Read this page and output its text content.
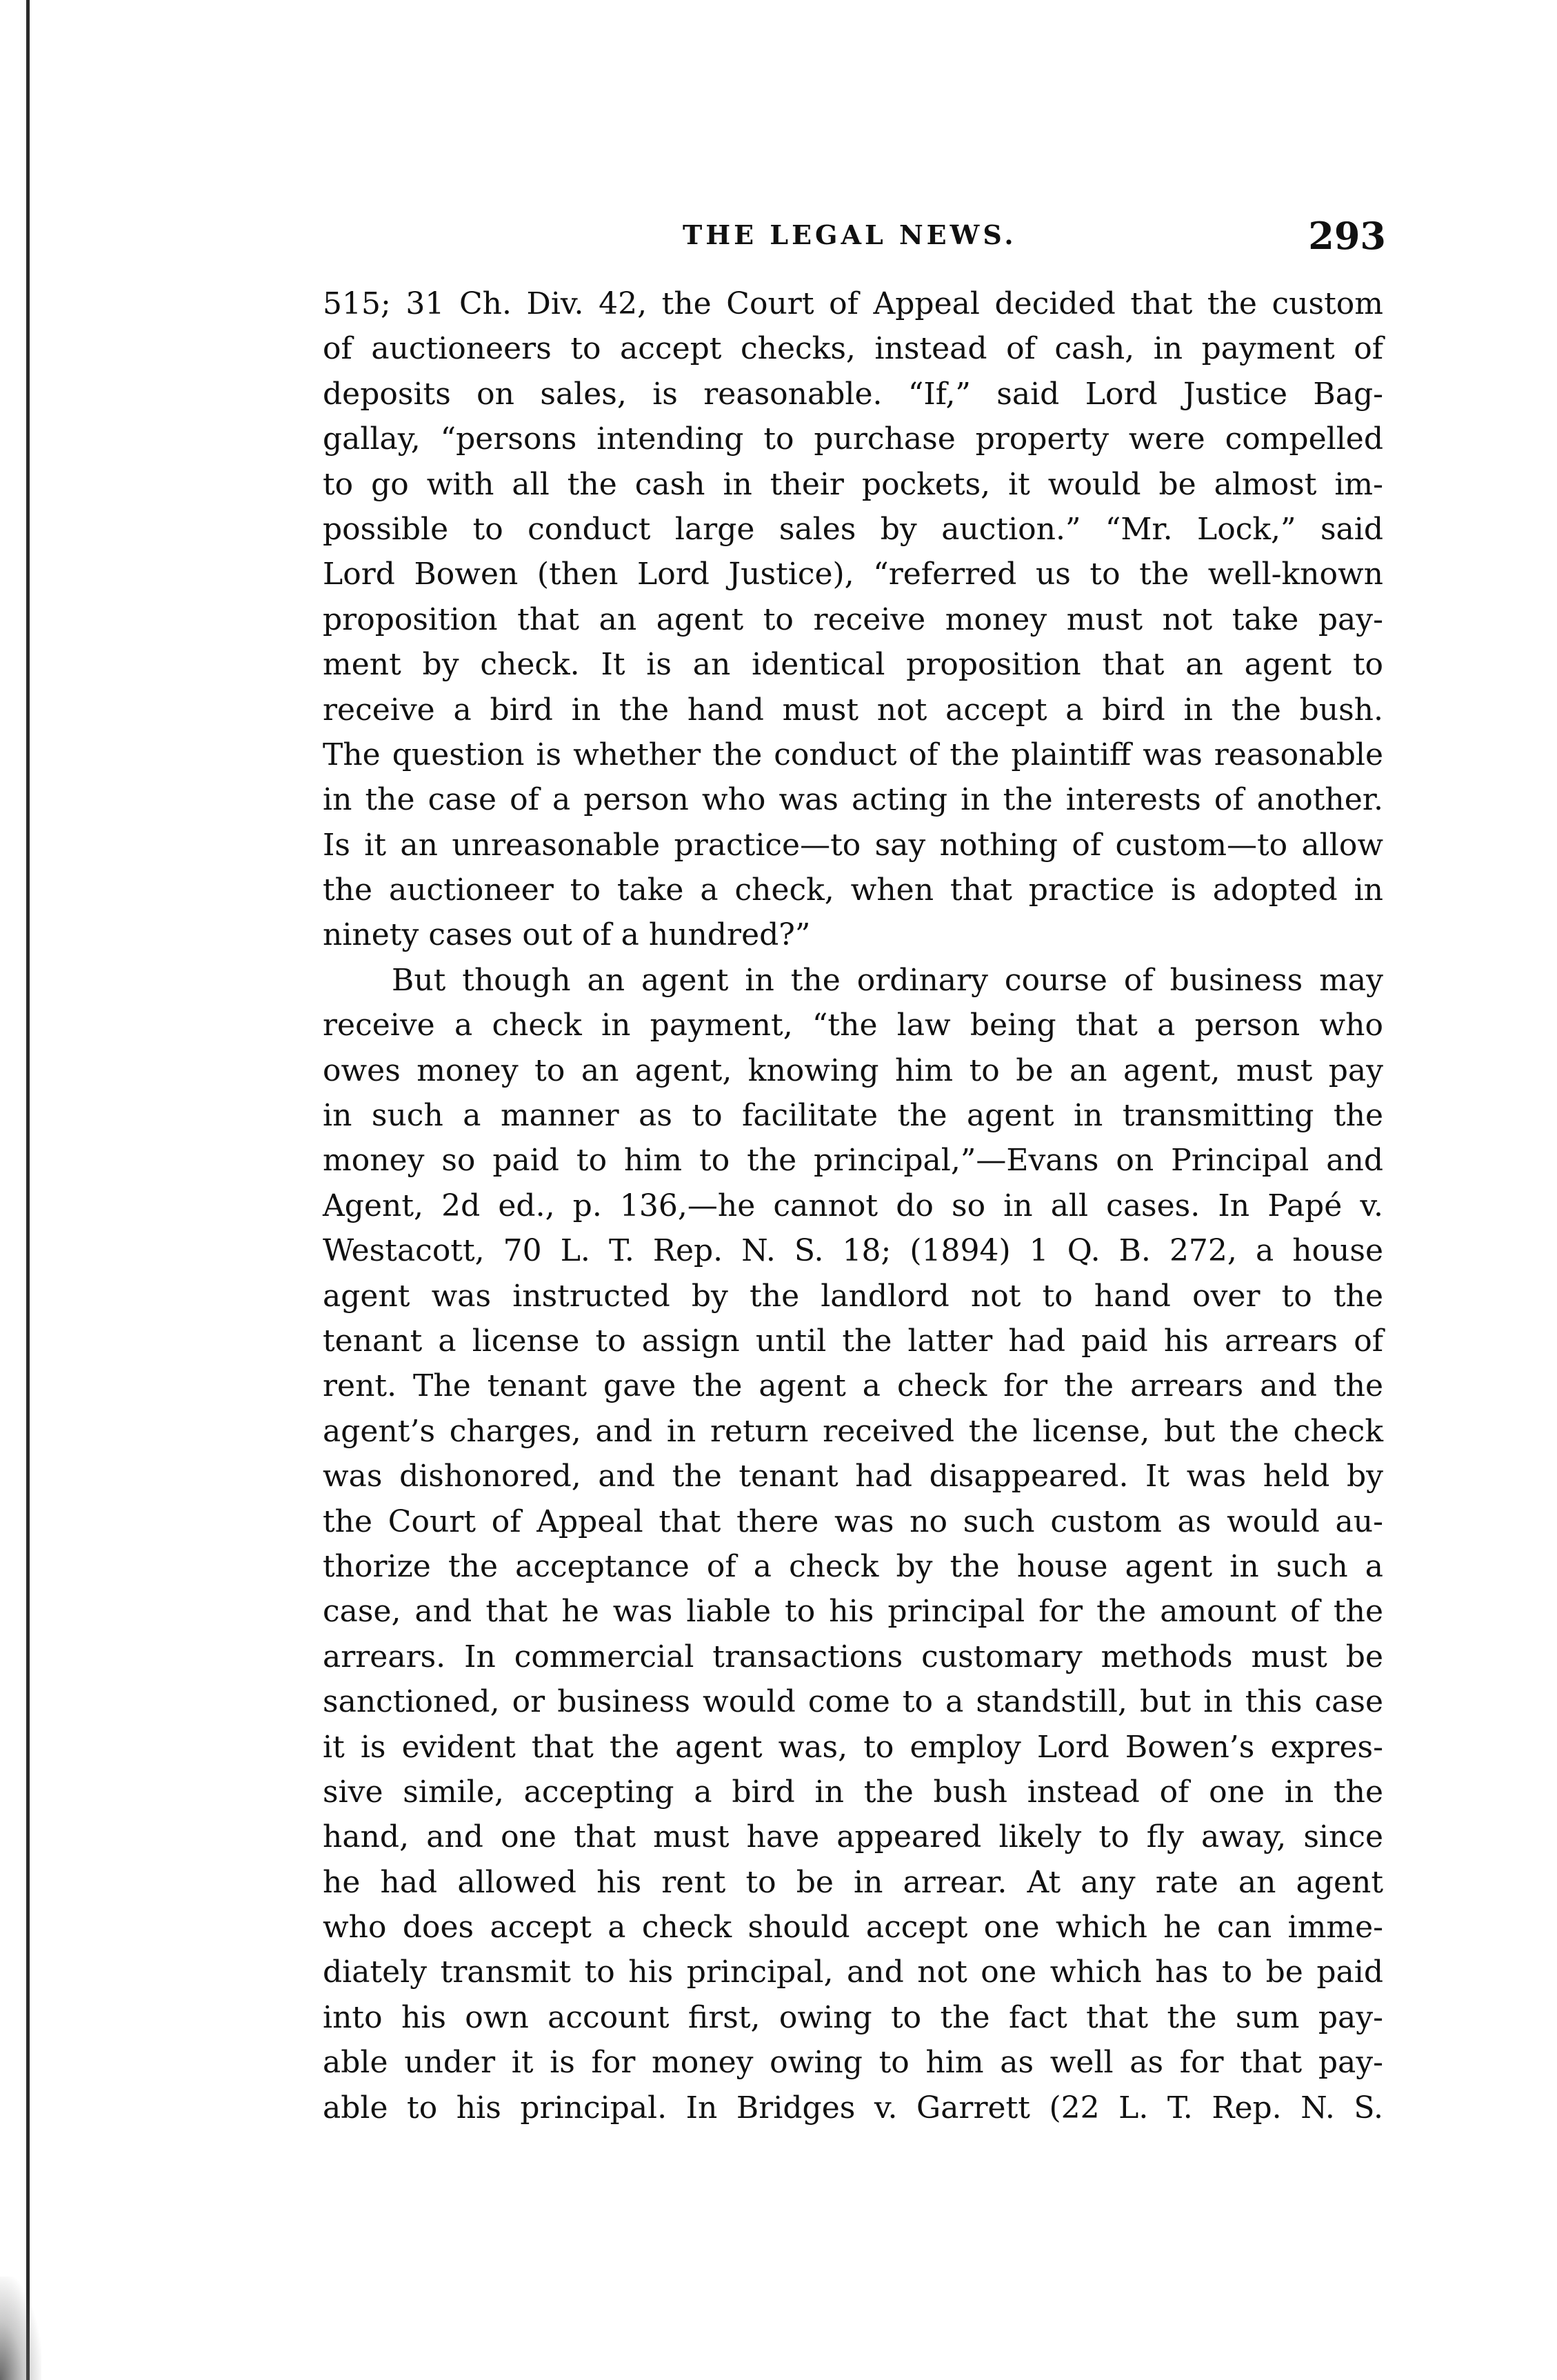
THE LEGAL NEWS.	293
515; 31 Ch. Div. 42, the Court of Appeal decided that the custom
of auctioneers to accept checks, instead of cash, in payment of
deposits on sales, is reasonable. “If,” said Lord Justice Bag-
gallay, “persons intending to purchase property were compelled
to go with all the cash in their pockets, it would be almost im-
possible to conduct large sales by auction.” “Mr. Lock,” said
Lord Bowen (then Lord Justice), “referred us to the well-known
proposition that an agent to receive money must not take pay-
ment by check. It is an identical proposition that an agent to
receive a bird in the hand must not accept a bird in the bush.
The question is whether the conduct of the plaintiff was reasonable
in the case of a person who was acting in the interests of another.
Is it an unreasonable practice—to say nothing of custom—to allow
the auctioneer to take a check, when that practice is adopted in
ninety cases out of a hundred?”
But though an agent in the ordinary course of business may
receive a check in payment, “the law being that a person who
owes money to an agent, knowing him to be an agent, must pay
in such a manner as to facilitate the agent in transmitting the
money so paid to him to the principal,”—Evans on Principal and
Agent, 2d ed., p. 136,—he cannot do so in all cases. In Papé v.
Westacott, 70 L. T. Rep. N. S. 18; (1894) 1 Q. B. 272, a house
agent was instructed by the landlord not to hand over to the
tenant a license to assign until the latter had paid his arrears of
rent. The tenant gave the agent a check for the arrears and the
agent’s charges, and in return received the license, but the check
was dishonored, and the tenant had disappeared. It was held by
the Court of Appeal that there was no such custom as would au-
thorize the acceptance of a check by the house agent in such a
case, and that he was liable to his principal for the amount of the
arrears. In commercial transactions customary methods must be
sanctioned, or business would come to a standstill, but in this case
it is evident that the agent was, to employ Lord Bowen’s expres-
sive simile, accepting a bird in the bush instead of one in the
hand, and one that must have appeared likely to fly away, since
he had allowed his rent to be in arrear. At any rate an agent
who does accept a check should accept one which he can imme-
diately transmit to his principal, and not one which has to be paid
into his own account first, owing to the fact that the sum pay-
able under it is for money owing to him as well as for that pay-
able to his principal. In Bridges v. Garrett (22 L. T. Rep. N. S.
